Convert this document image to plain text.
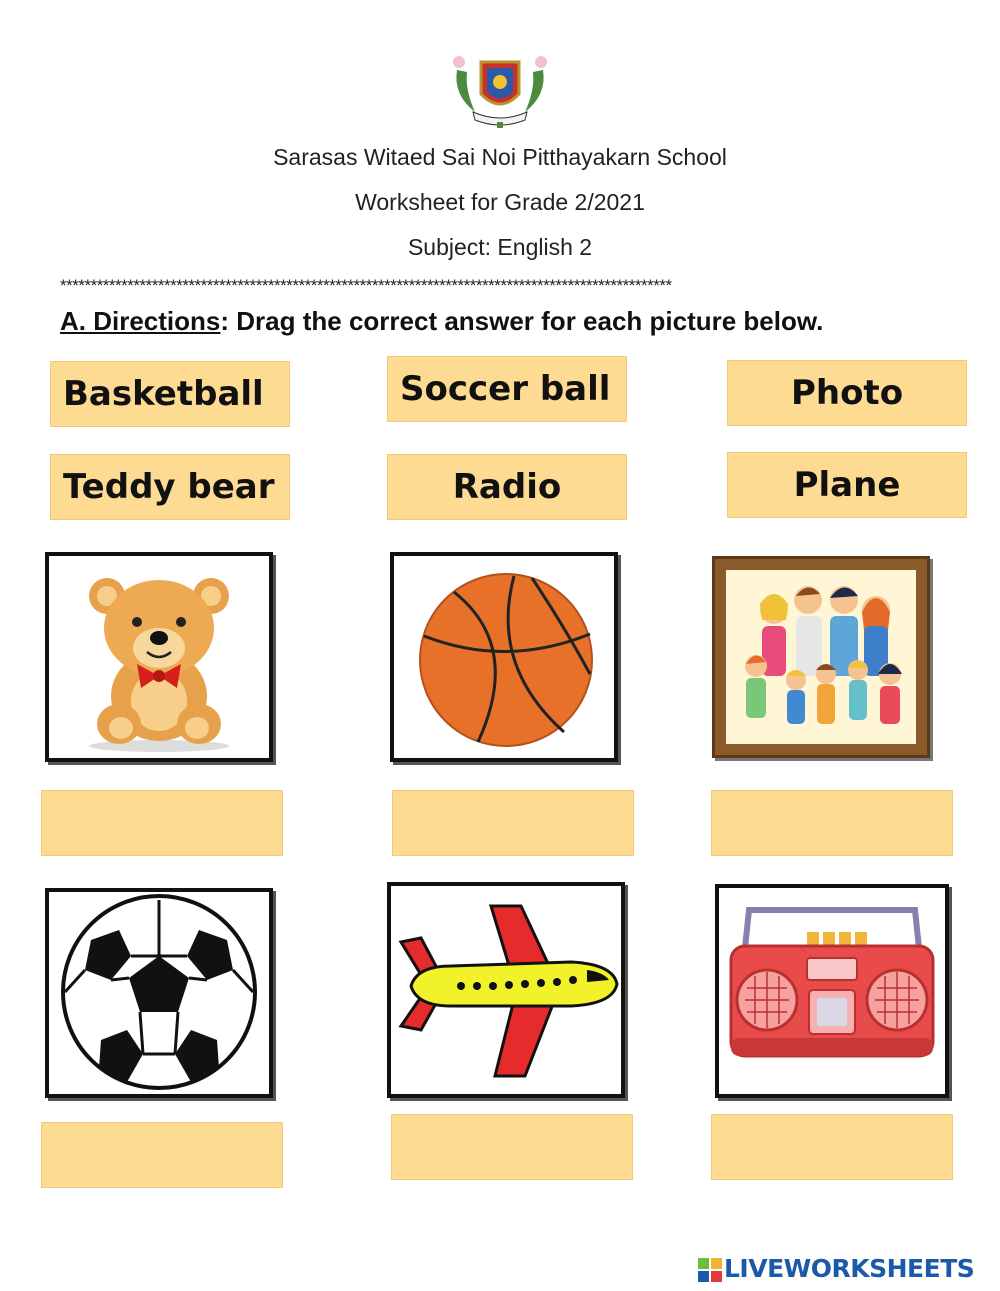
Sarasas Witaed Sai Noi Pitthayakarn School
Worksheet for Grade 2/2021
Subject: English 2
****************************************************************************************************
A. Directions: Drag the correct answer for each picture below.
Basketball	Soccer ball	Photo
Teddy bear	Radio	Plane
LIVEWORKSHEETS
